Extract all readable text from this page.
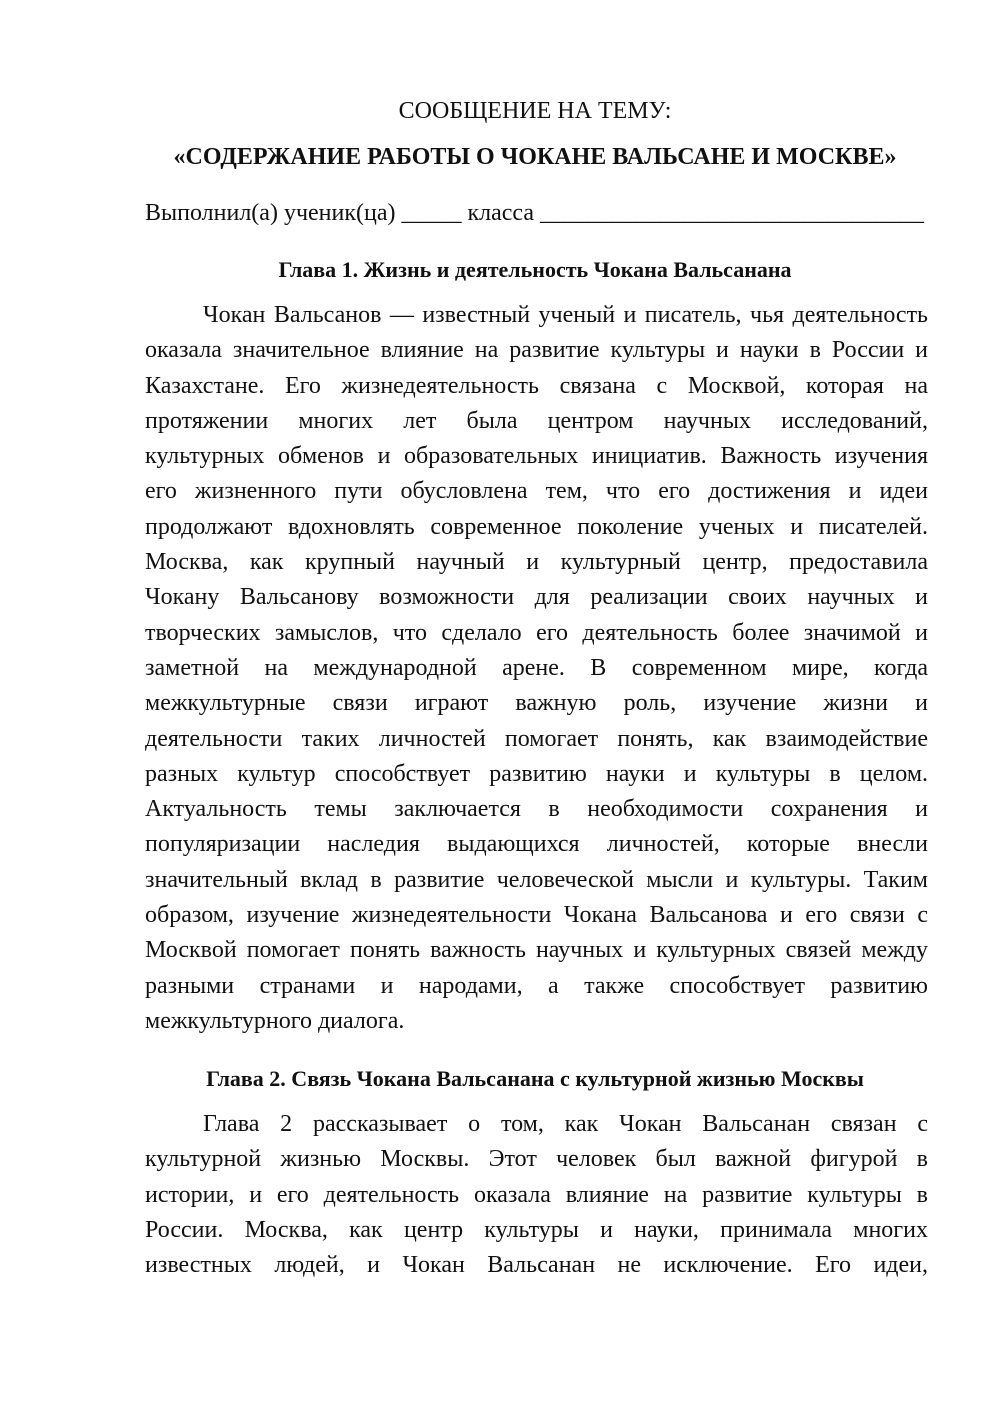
СООБЩЕНИЕ НА ТЕМУ:
«СОДЕРЖАНИЕ РАБОТЫ О ЧОКАНЕ ВАЛЬСАНЕ И МОСКВЕ»
Выполнил(а) ученик(ца) _____ класса ________________________________
Глава 1. Жизнь и деятельность Чокана Вальсанана
Чокан Вальсанов — известный ученый и писатель, чья деятельность
оказала значительное влияние на развитие культуры и науки в России и
Казахстане. Его жизнедеятельность связана с Москвой, которая на
протяжении многих лет была центром научных исследований,
культурных обменов и образовательных инициатив. Важность изучения
его жизненного пути обусловлена тем, что его достижения и идеи
продолжают вдохновлять современное поколение ученых и писателей.
Москва, как крупный научный и культурный центр, предоставила
Чокану Вальсанову возможности для реализации своих научных и
творческих замыслов, что сделало его деятельность более значимой и
заметной на международной арене. В современном мире, когда
межкультурные связи играют важную роль, изучение жизни и
деятельности таких личностей помогает понять, как взаимодействие
разных культур способствует развитию науки и культуры в целом.
Актуальность темы заключается в необходимости сохранения и
популяризации наследия выдающихся личностей, которые внесли
значительный вклад в развитие человеческой мысли и культуры. Таким
образом, изучение жизнедеятельности Чокана Вальсанова и его связи с
Москвой помогает понять важность научных и культурных связей между
разными странами и народами, а также способствует развитию
межкультурного диалога.
Глава 2. Связь Чокана Вальсанана с культурной жизнью Москвы
Глава 2 рассказывает о том, как Чокан Вальсанан связан с
культурной жизнью Москвы. Этот человек был важной фигурой в
истории, и его деятельность оказала влияние на развитие культуры в
России. Москва, как центр культуры и науки, принимала многих
известных людей, и Чокан Вальсанан не исключение. Его идеи,
